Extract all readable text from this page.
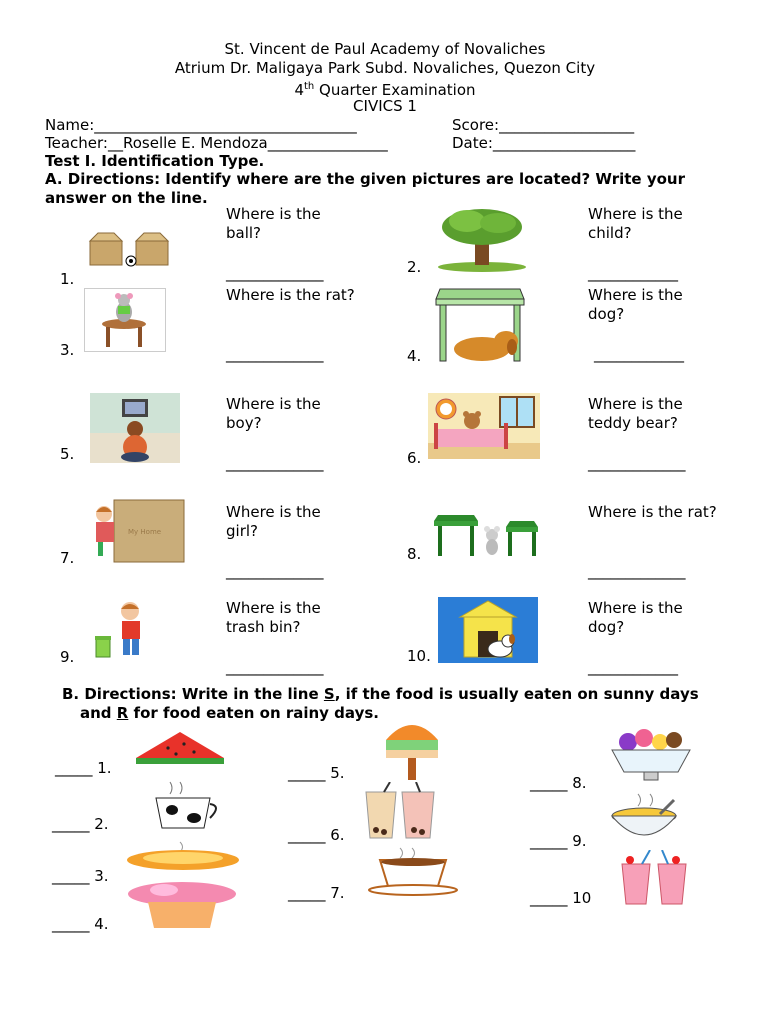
St. Vincent de Paul Academy of Novaliches
Atrium Dr. Maligaya Park Subd. Novaliches, Quezon City
4th Quarter Examination
CIVICS 1
Name:___________________________________	Score:__________________
Teacher:__Roselle E. Mendoza________________	Date:___________________
Test I. Identification Type.
A. Directions: Identify where are the given pictures are located? Write your answer on the line.
1.
Where is the ball?
_____________	2.
Where is the child?
____________
3.
Where is the rat?
_____________	4.
Where is the dog?
____________
5.
Where is the boy?
_____________	6.
Where is the teddy bear?
_____________
7.
My Home
Where is the girl?
_____________
8.
Where is the rat?
_____________
9.
Where is the trash bin?
_____________
10.
Where is the dog?
____________
B. Directions: Write in the line S, if the food is usually eaten on sunny days
and R for food eaten on rainy days.
_____ 1.
_____ 2.
_____ 3.
_____ 4.
_____ 5.
_____ 6.
_____ 7.
_____ 8.
_____ 9.
_____ 10
